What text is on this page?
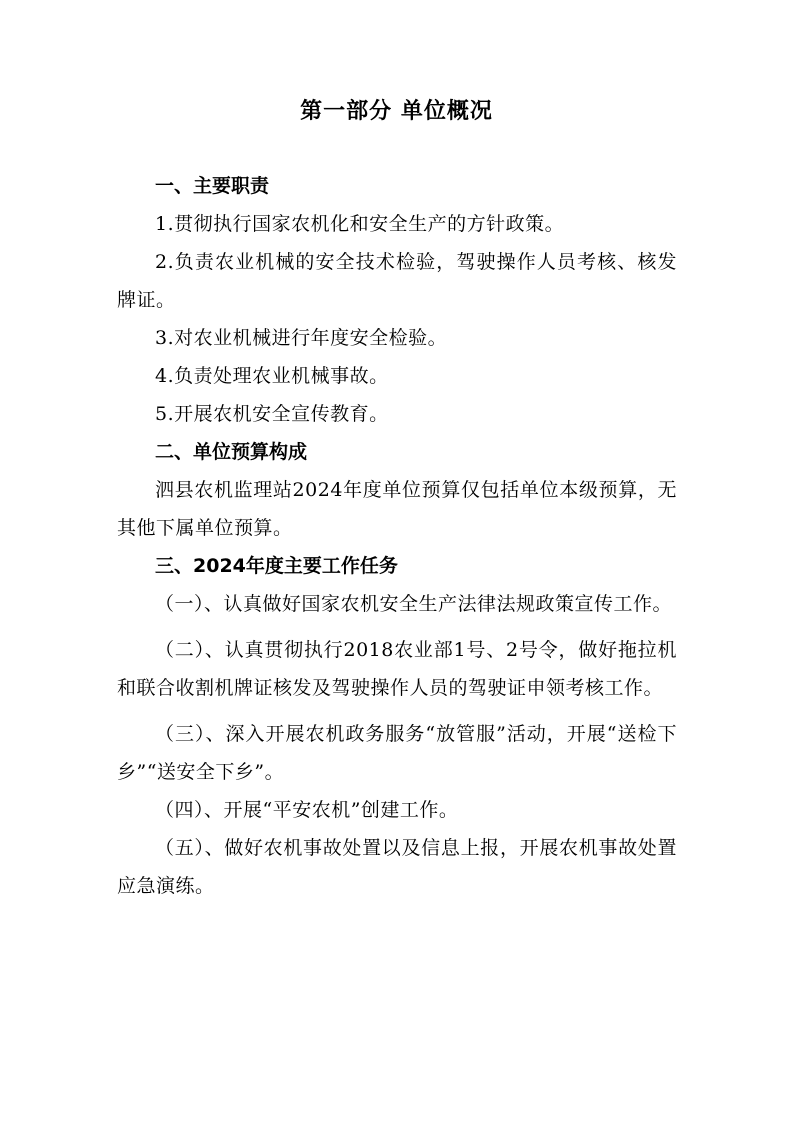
第一部分 单位概况
一、主要职责

1.贯彻执行国家农机化和安全生产的方针政策。

2.负责农业机械的安全技术检验，驾驶操作人员考核、核发牌证。

3.对农业机械进行年度安全检验。

4.负责处理农业机械事故。

5.开展农机安全宣传教育。

二、单位预算构成

泗县农机监理站2024年度单位预算仅包括单位本级预算，无其他下属单位预算。

三、2024年度主要工作任务

（一）、认真做好国家农机安全生产法律法规政策宣传工作。

（二）、认真贯彻执行2018农业部1号、2号令，做好拖拉机和联合收割机牌证核发及驾驶操作人员的驾驶证申领考核工作。

（三）、深入开展农机政务服务“放管服”活动，开展“送检下乡”“送安全下乡”。

（四）、开展“平安农机”创建工作。

（五）、做好农机事故处置以及信息上报，开展农机事故处置应急演练。
